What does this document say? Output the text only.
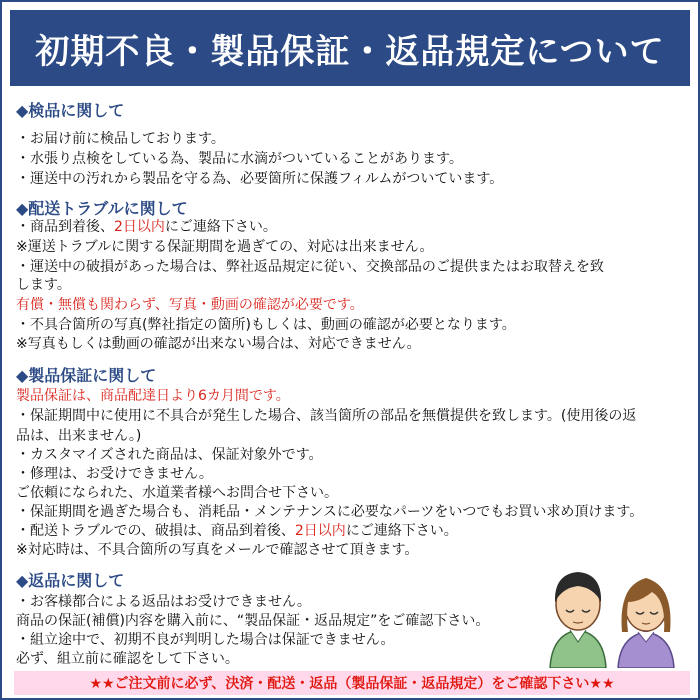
初期不良・製品保証・返品規定について
◆検品に関して
・お届け前に検品しております。
・水張り点検をしている為、製品に水滴がついていることがあります。
・運送中の汚れから製品を守る為、必要箇所に保護フィルムがついています。
◆配送トラブルに関して
・商品到着後、2日以内にご連絡下さい。
※運送トラブルに関する保証期間を過ぎての、対応は出来ません。
・運送中の破損があった場合は、弊社返品規定に従い、交換部品のご提供またはお取替えを致
します。
有償・無償も関わらず、写真・動画の確認が必要です。
・不具合箇所の写真(弊社指定の箇所)もしくは、動画の確認が必要となります。
※写真もしくは動画の確認が出来ない場合は、対応できません。
◆製品保証に関して
製品保証は、商品配達日より6カ月間です。
・保証期間中に使用に不具合が発生した場合、該当箇所の部品を無償提供を致します。(使用後の返
品は、出来ません。)
・カスタマイズされた商品は、保証対象外です。
・修理は、お受けできません。
ご依頼になられた、水道業者様へお問合せ下さい。
・保証期間を過ぎた場合も、消耗品・メンテナンスに必要なパーツをいつでもお買い求め頂けます。
・配送トラブルでの、破損は、商品到着後、2日以内にご連絡下さい。
※対応時は、不具合箇所の写真をメールで確認させて頂きます。
◆返品に関して
・お客様都合による返品はお受けできません。
商品の保証(補償)内容を購入前に、“製品保証・返品規定”をご確認下さい。
・組立途中で、初期不良が判明した場合は保証できません。
必ず、組立前に確認をして下さい。
★★ご注文前に必ず、決済・配送・返品（製品保証・返品規定）をご確認下さい★★
